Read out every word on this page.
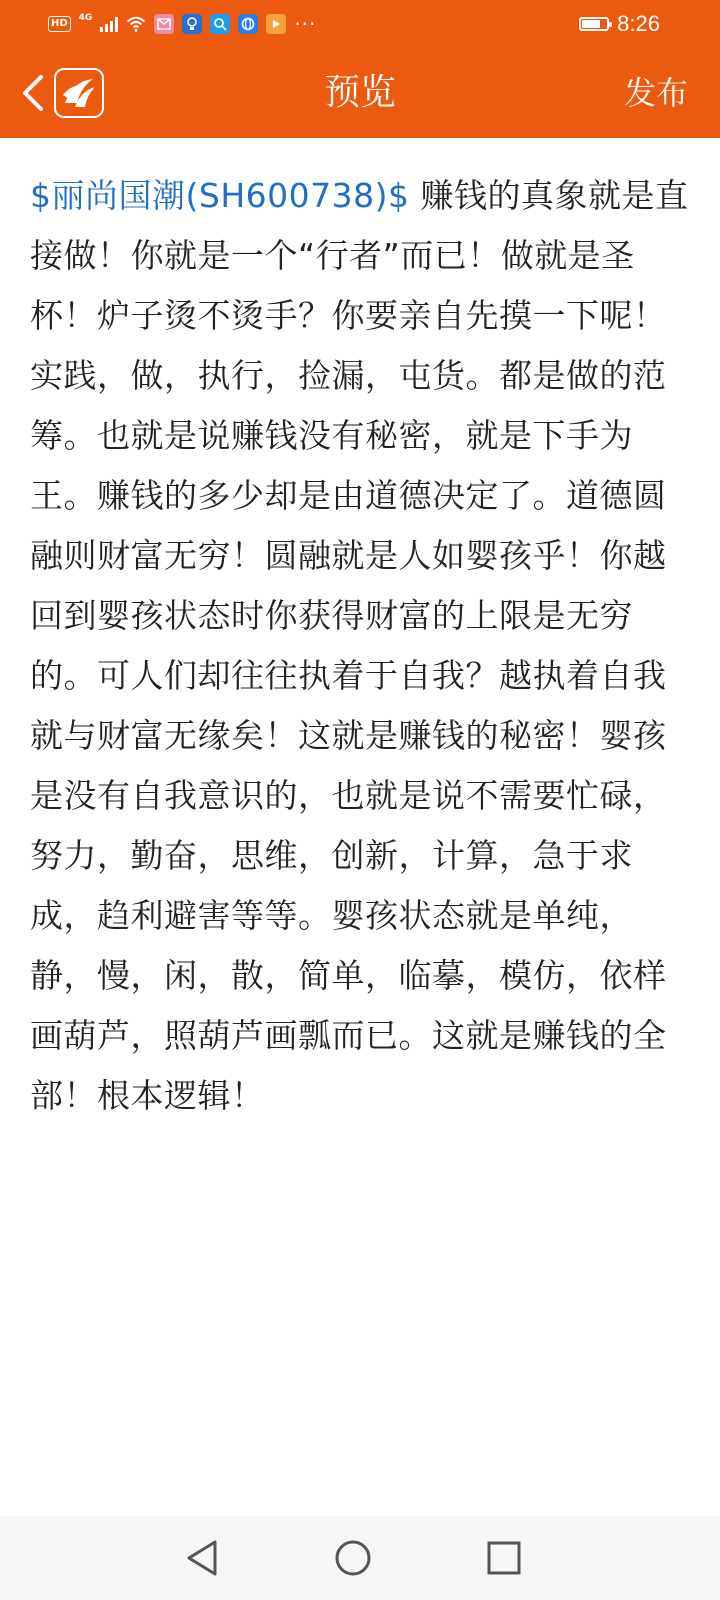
HD	4G	···	8:26
预览	发布
$丽尚国潮(SH600738)$ 赚钱的真象就是直接做！你就是一个“行者”而已！做就是圣杯！炉子烫不烫手？你要亲自先摸一下呢！实践，做，执行，捡漏，屯货。都是做的范筹。也就是说赚钱没有秘密，就是下手为王。赚钱的多少却是由道德决定了。道德圆融则财富无穷！圆融就是人如婴孩乎！你越回到婴孩状态时你获得财富的上限是无穷的。可人们却往往执着于自我？越执着自我就与财富无缘矣！这就是赚钱的秘密！婴孩是没有自我意识的，也就是说不需要忙碌，努力，勤奋，思维，创新，计算，急于求成，趋利避害等等。婴孩状态就是单纯，静，慢，闲，散，简单，临摹，模仿，依样画葫芦，照葫芦画瓢而已。这就是赚钱的全部！根本逻辑！
